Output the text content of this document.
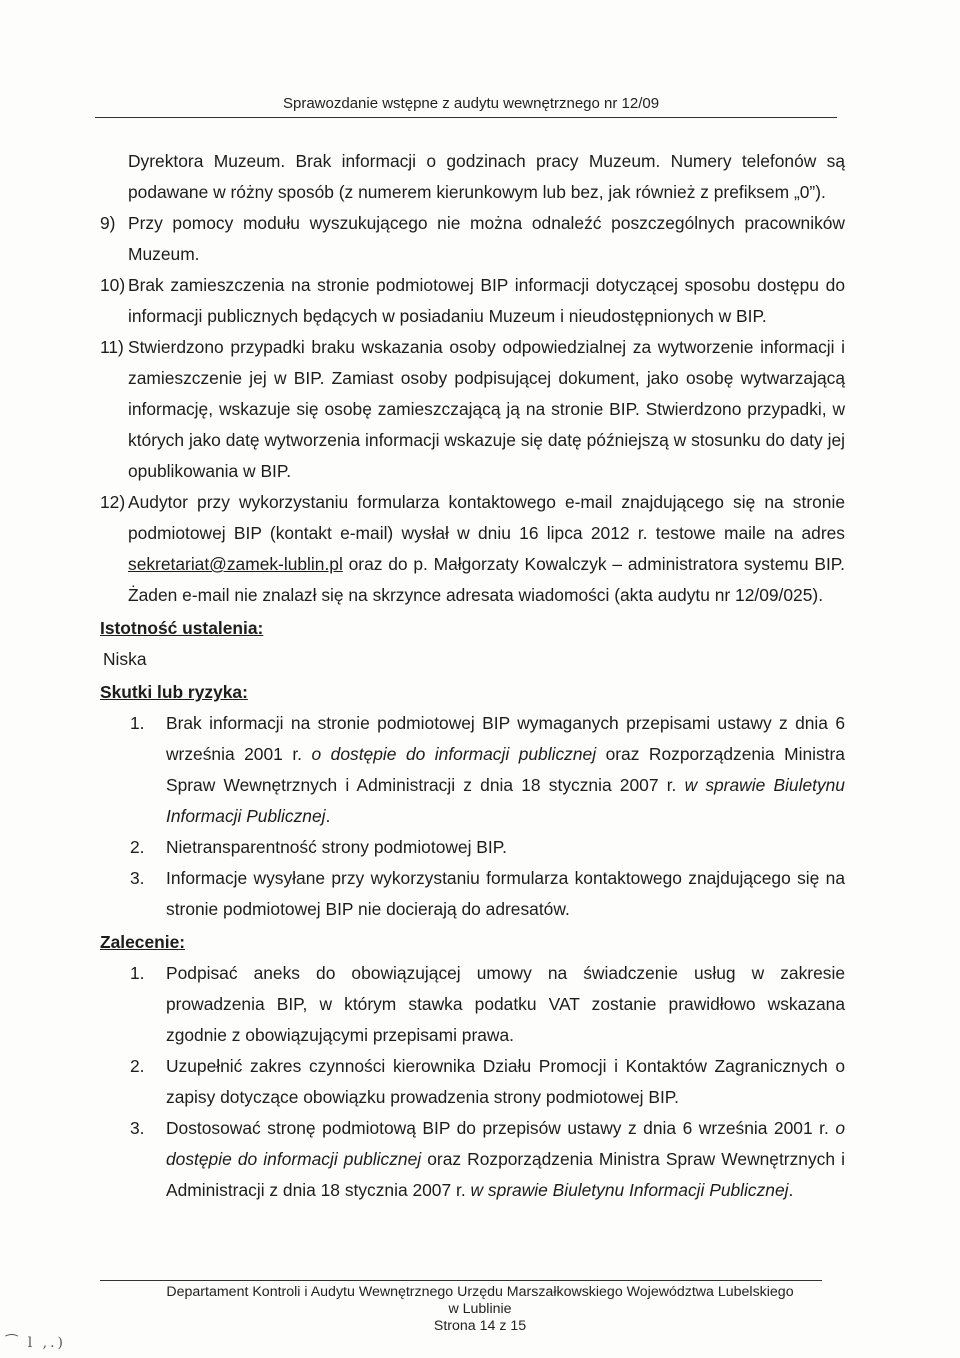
Sprawozdanie wstępne z audytu wewnętrznego nr 12/09

Dyrektora Muzeum. Brak informacji o godzinach pracy Muzeum. Numery telefonów są podawane w różny sposób (z numerem kierunkowym lub bez, jak również z prefiksem „0”).

9) Przy pomocy modułu wyszukującego nie można odnaleźć poszczególnych pracowników Muzeum.
10) Brak zamieszczenia na stronie podmiotowej BIP informacji dotyczącej sposobu dostępu do informacji publicznych będących w posiadaniu Muzeum i nieudostępnionych w BIP.
11) Stwierdzono przypadki braku wskazania osoby odpowiedzialnej za wytworzenie informacji i zamieszczenie jej w BIP. Zamiast osoby podpisującej dokument, jako osobę wytwarzającą informację, wskazuje się osobę zamieszczającą ją na stronie BIP. Stwierdzono przypadki, w których jako datę wytworzenia informacji wskazuje się datę późniejszą w stosunku do daty jej opublikowania w BIP.
12) Audytor przy wykorzystaniu formularza kontaktowego e-mail znajdującego się na stronie podmiotowej BIP (kontakt e-mail) wysłał w dniu 16 lipca 2012 r. testowe maile na adres sekretariat@zamek-lublin.pl oraz do p. Małgorzaty Kowalczyk – administratora systemu BIP. Żaden e-mail nie znalazł się na skrzynce adresata wiadomości (akta audytu nr 12/09/025).

Istotność ustalenia:

Niska

Skutki lub ryzyka:

1.	Brak informacji na stronie podmiotowej BIP wymaganych przepisami ustawy z dnia 6 września 2001 r. o dostępie do informacji publicznej oraz Rozporządzenia Ministra Spraw Wewnętrznych i Administracji z dnia 18 stycznia 2007 r. w sprawie Biuletynu Informacji Publicznej.
2.	Nietransparentność strony podmiotowej BIP.
3.	Informacje wysyłane przy wykorzystaniu formularza kontaktowego znajdującego się na stronie podmiotowej BIP nie docierają do adresatów.

Zalecenie:

1.	Podpisać aneks do obowiązującej umowy na świadczenie usług w zakresie prowadzenia BIP, w którym stawka podatku VAT zostanie prawidłowo wskazana zgodnie z obowiązującymi przepisami prawa.
2.	Uzupełnić zakres czynności kierownika Działu Promocji i Kontaktów Zagranicznych o zapisy dotyczące obowiązku prowadzenia strony podmiotowej BIP.
3.	Dostosować stronę podmiotową BIP do przepisów ustawy z dnia 6 września 2001 r. o dostępie do informacji publicznej oraz Rozporządzenia Ministra Spraw Wewnętrznych i Administracji z dnia 18 stycznia 2007 r. w sprawie Biuletynu Informacji Publicznej.
Departament Kontroli i Audytu Wewnętrznego Urzędu Marszałkowskiego Województwa Lubelskiego
w Lublinie
Strona 14 z 15
⁀ ⅼ ,.)
